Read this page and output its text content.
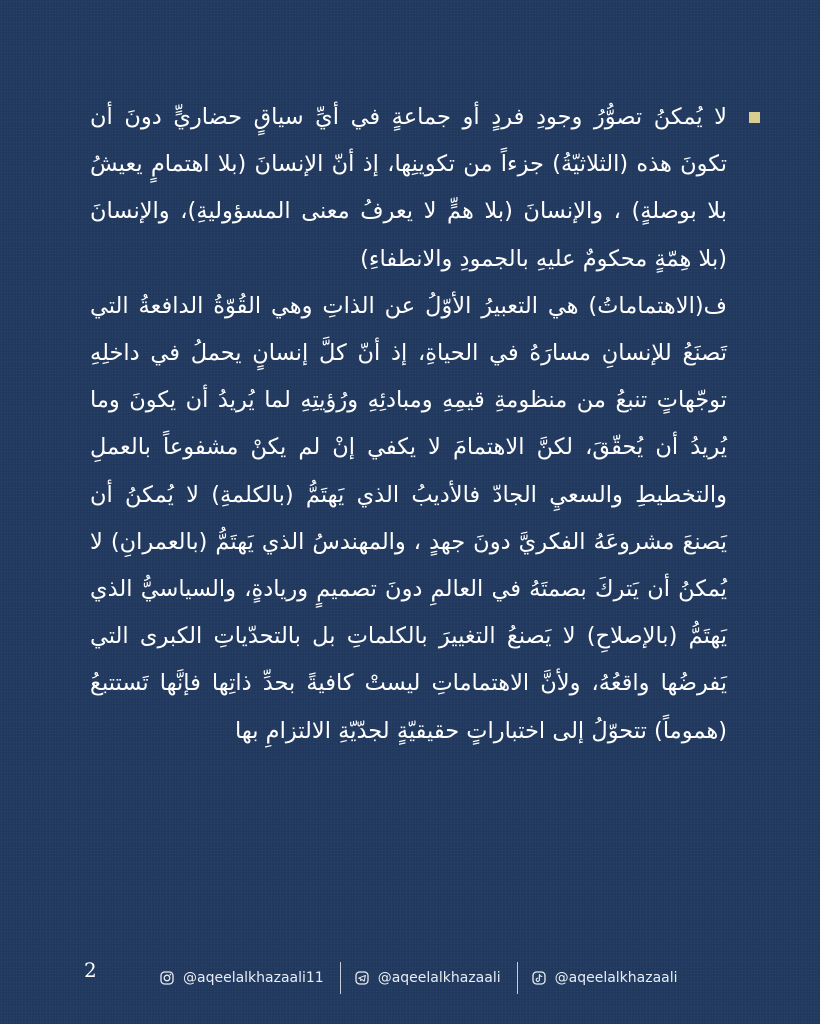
لا يُمكنُ تصوُّرُ وجودِ فردٍ أو جماعةٍ في أيِّ سياقٍ حضاريٍّ دونَ أن تكونَ هذه (الثلاثيّةُ) جزءاً من تكوينِها، إذ أنّ الإنسانَ (بلا اهتمامٍ يعيشُ بلا بوصلةٍ) ، والإنسانَ (بلا همٍّ لا يعرفُ معنى المسؤوليةِ)، والإنسانَ (بلا هِمّةٍ محكومٌ عليهِ بالجمودِ والانطفاءِ)

ف(الاهتماماتُ) هي التعبيرُ الأوّلُ عن الذاتِ وهي القُوّةُ الدافعةُ التي تَصنَعُ للإنسانِ مسارَهُ في الحياةِ، إذ أنّ كلَّ إنسانٍ يحملُ في داخلِهِ توجّهاتٍ تنبعُ من منظومةِ قيمِهِ ومبادئِهِ ورُؤيتِهِ لما يُريدُ أن يكونَ وما يُريدُ أن يُحقّقَ، لكنَّ الاهتمامَ لا يكفي إنْ لم يكنْ مشفوعاً بالعملِ والتخطيطِ والسعيِ الجادّ فالأديبُ الذي يَهتَمُّ (بالكلمةِ) لا يُمكنُ أن يَصنعَ مشروعَهُ الفكريَّ دونَ جهدٍ ، والمهندسُ الذي يَهتَمُّ (بالعمرانِ) لا يُمكنُ أن يَتركَ بصمتَهُ في العالمِ دونَ تصميمٍ وريادةٍ، والسياسيُّ الذي يَهتَمُّ (بالإصلاحِ) لا يَصنعُ التغييرَ بالكلماتِ بل بالتحدّياتِ الكبرى التي يَفرضُها واقعُهُ، ولأنَّ الاهتماماتِ ليستْ كافيةً بحدِّ ذاتِها فإنَّها تَستتبعُ (هموماً) تتحوّلُ إلى اختباراتٍ حقيقيّةٍ لجدّيّةِ الالتزامِ بها

2	@aqeelalkhazaali11	@aqeelalkhazaali	@aqeelalkhazaali
